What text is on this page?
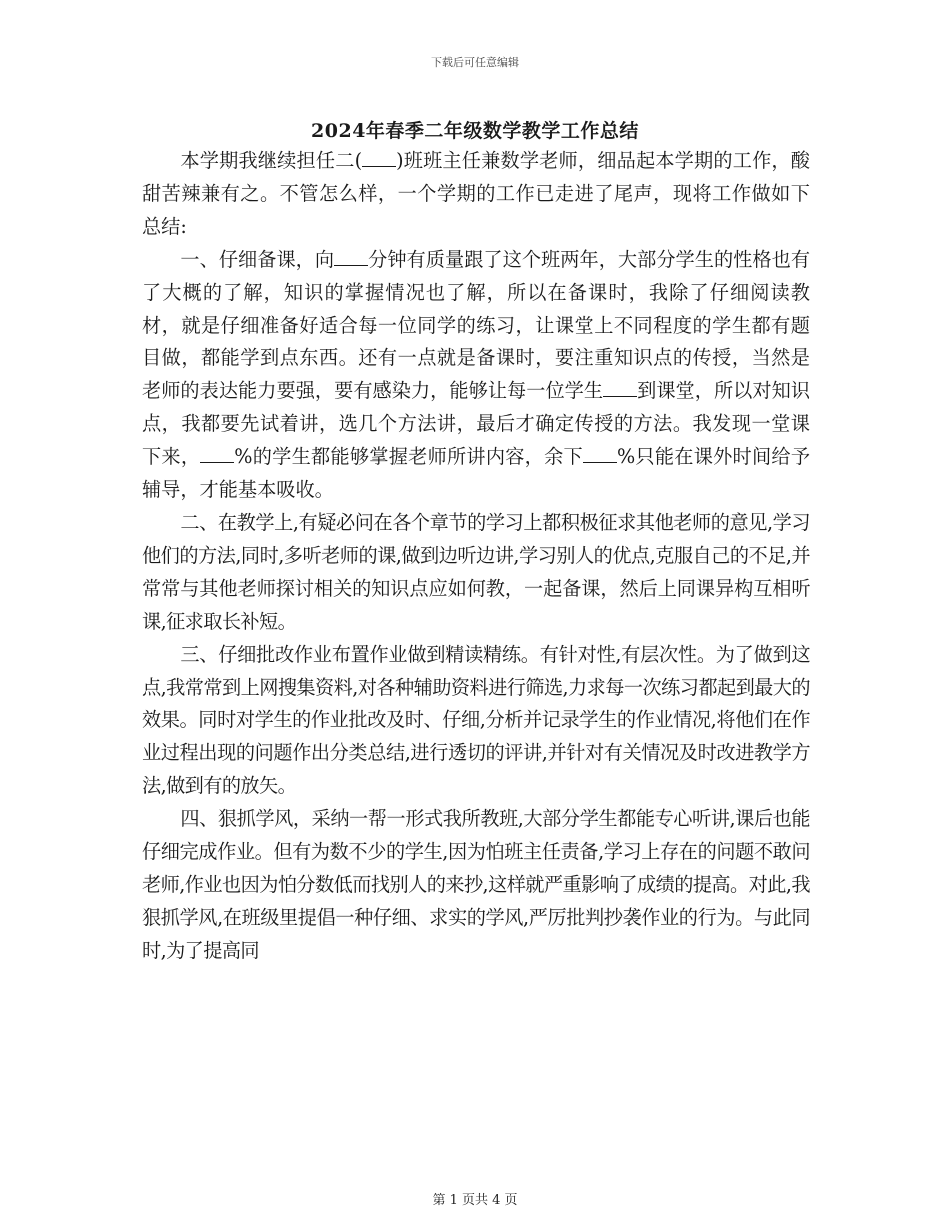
下载后可任意编辑
2024年春季二年级数学教学工作总结

本学期我继续担任二( )班班主任兼数学老师，细品起本学期的工作，酸甜苦辣兼有之。不管怎么样，一个学期的工作已走进了尾声，现将工作做如下总结:

一、仔细备课，向 分钟有质量跟了这个班两年，大部分学生的性格也有了大概的了解，知识的掌握情况也了解，所以在备课时，我除了仔细阅读教材，就是仔细准备好适合每一位同学的练习，让课堂上不同程度的学生都有题目做，都能学到点东西。还有一点就是备课时，要注重知识点的传授，当然是老师的表达能力要强，要有感染力，能够让每一位学生 到课堂，所以对知识点，我都要先试着讲，选几个方法讲，最后才确定传授的方法。我发现一堂课下来， %的学生都能够掌握老师所讲内容，余下 %只能在课外时间给予辅导，才能基本吸收。

二、在教学上,有疑必问在各个章节的学习上都积极征求其他老师的意见,学习他们的方法,同时,多听老师的课,做到边听边讲,学习别人的优点,克服自己的不足,并常常与其他老师探讨相关的知识点应如何教，一起备课，然后上同课异构互相听课,征求取长补短。

三、仔细批改作业布置作业做到精读精练。有针对性,有层次性。为了做到这点,我常常到上网搜集资料,对各种辅助资料进行筛选,力求每一次练习都起到最大的效果。同时对学生的作业批改及时、仔细,分析并记录学生的作业情况,将他们在作业过程出现的问题作出分类总结,进行透切的评讲,并针对有关情况及时改进教学方法,做到有的放矢。

四、狠抓学风，采纳一帮一形式我所教班,大部分学生都能专心听讲,课后也能仔细完成作业。但有为数不少的学生,因为怕班主任责备,学习上存在的问题不敢问老师,作业也因为怕分数低而找别人的来抄,这样就严重影响了成绩的提高。对此,我狠抓学风,在班级里提倡一种仔细、求实的学风,严厉批判抄袭作业的行为。与此同时,为了提高同

第 1 页共 4 页
